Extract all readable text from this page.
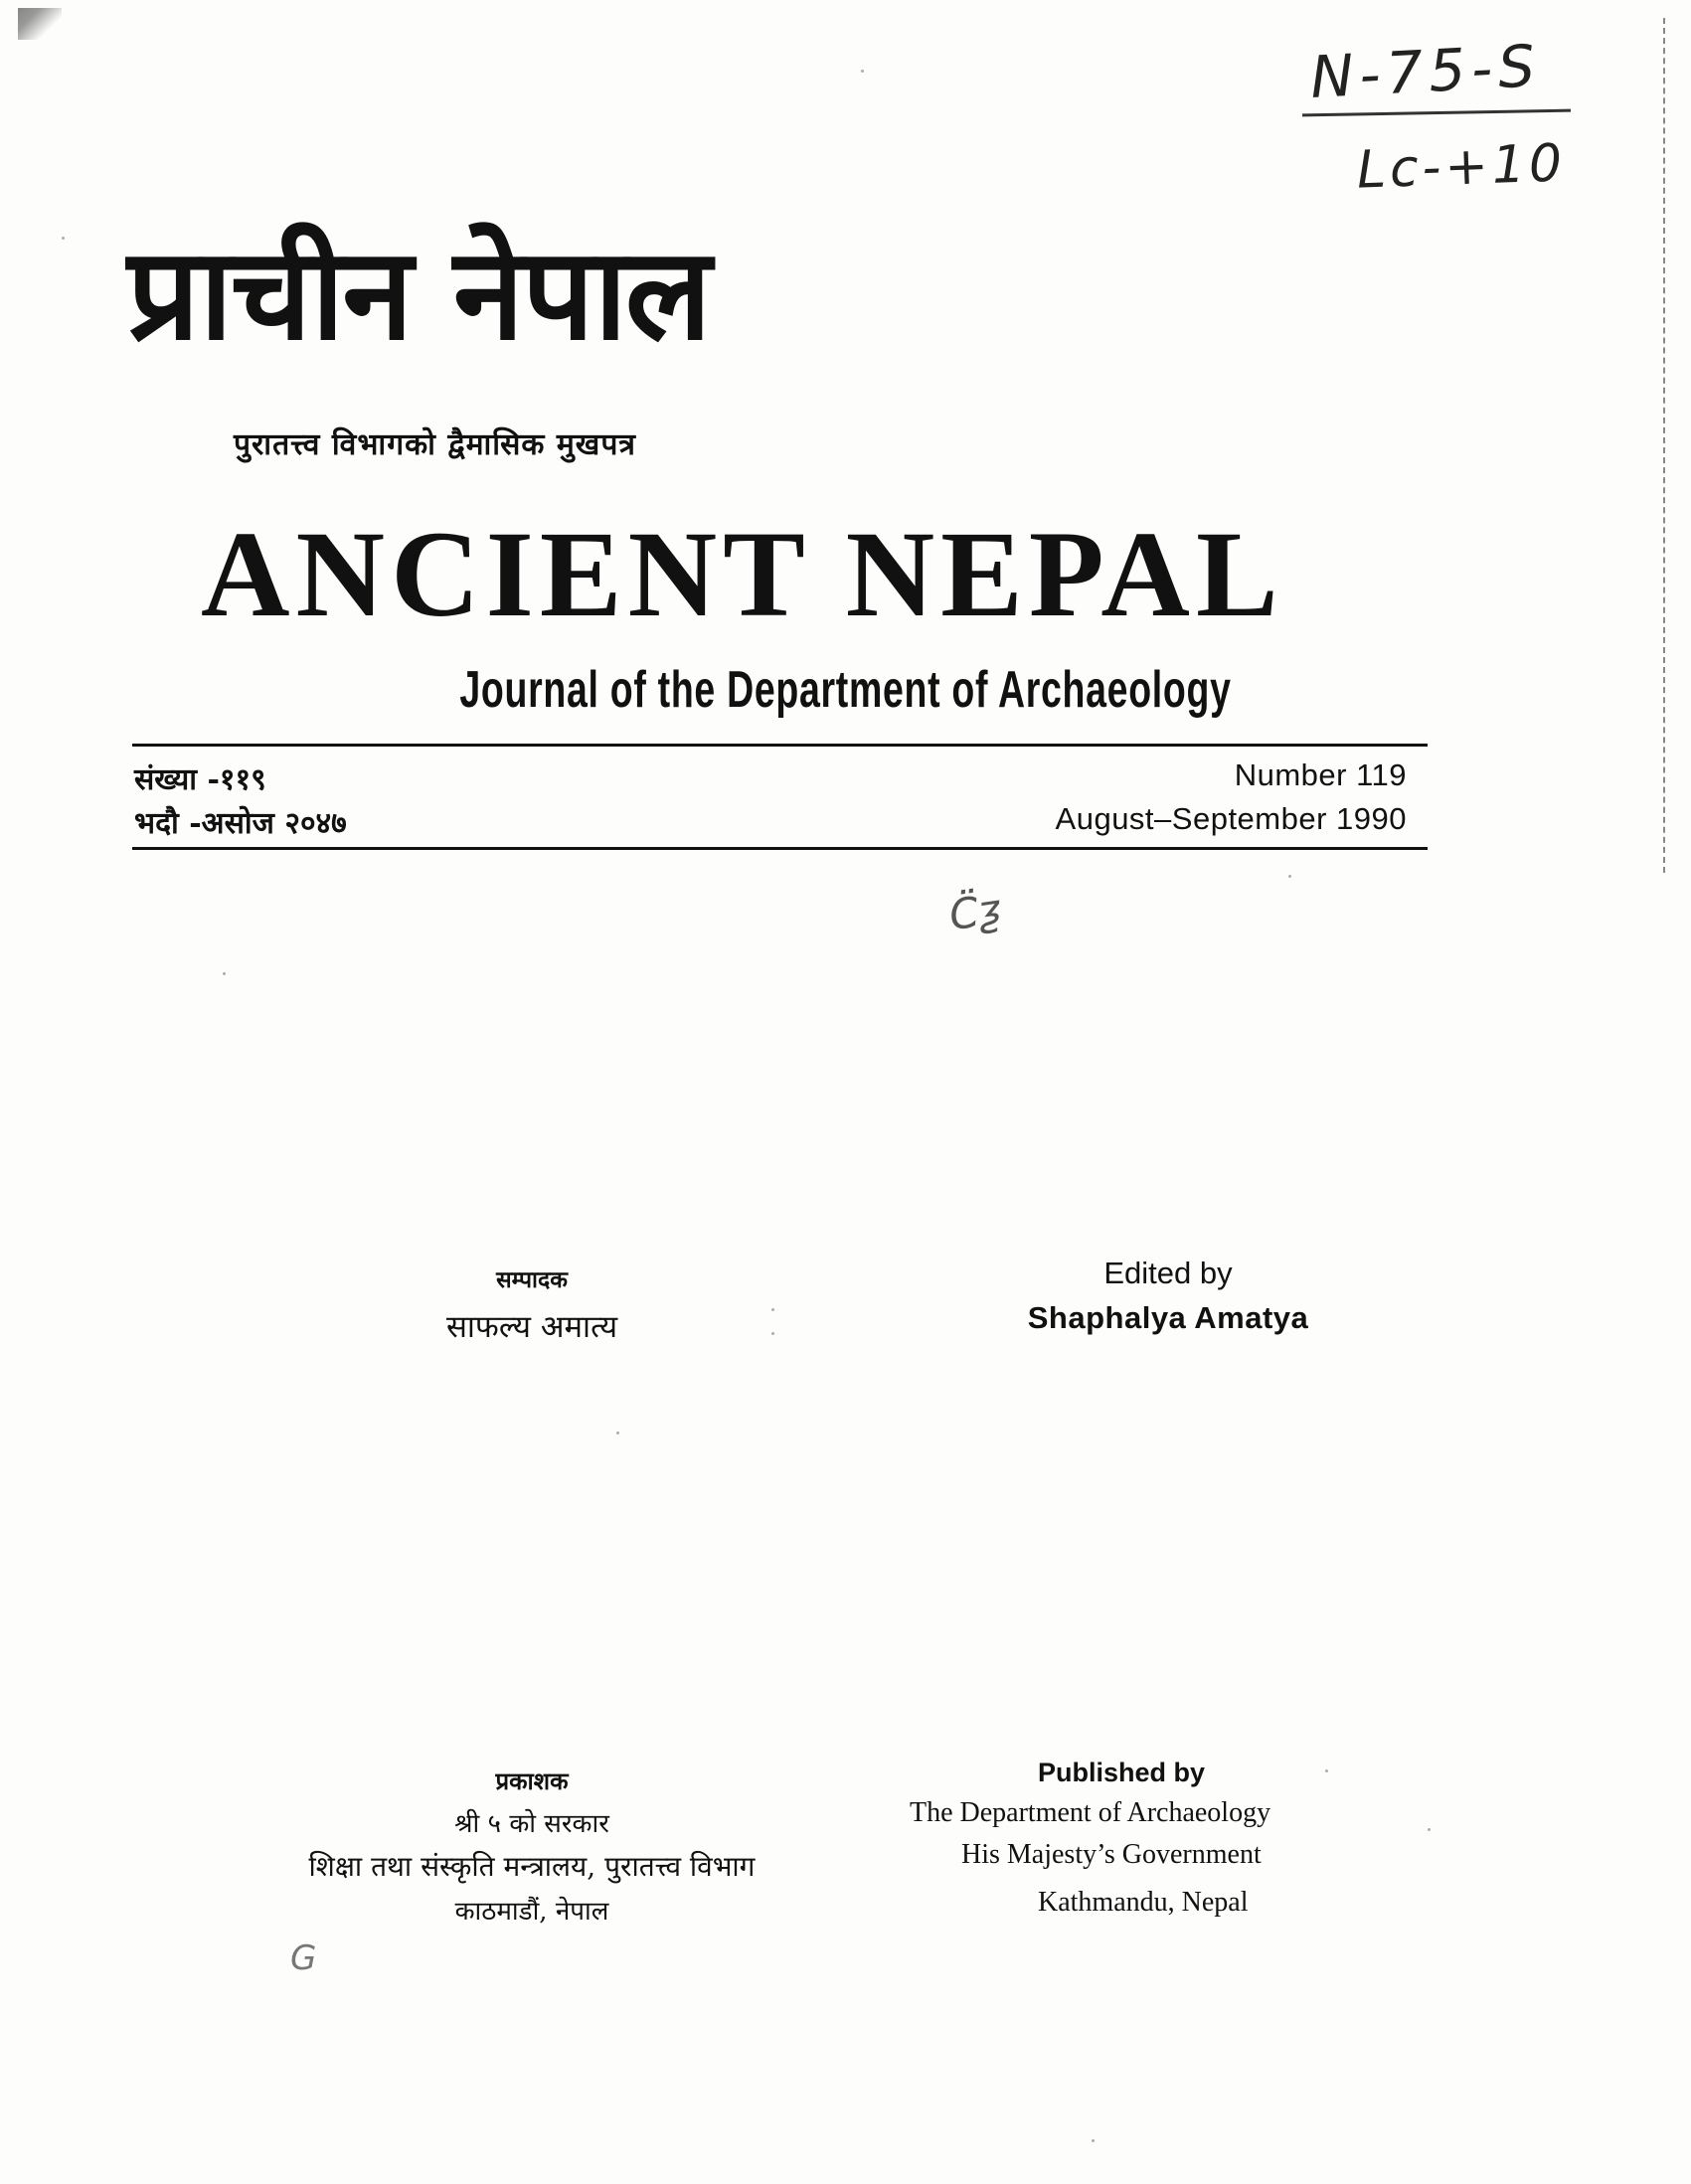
N-75-S
Lc-+10
प्राचीन नेपाल
पुरातत्त्व विभागको द्वैमासिक मुखपत्र
ANCIENT NEPAL
Journal of the Department of Archaeology
संख्या -११९
भदौ -असोज २०४७
Number 119
August–September 1990
C̈ƺ
सम्पादक
साफल्य अमात्य
Edited by
Shaphalya Amatya
प्रकाशक
श्री ५ को सरकार
शिक्षा तथा संस्कृति मन्त्रालय, पुरातत्त्व विभाग
काठमाडौं, नेपाल
Published by
The Department of Archaeology
His Majesty’s Government
Kathmandu, Nepal
G
